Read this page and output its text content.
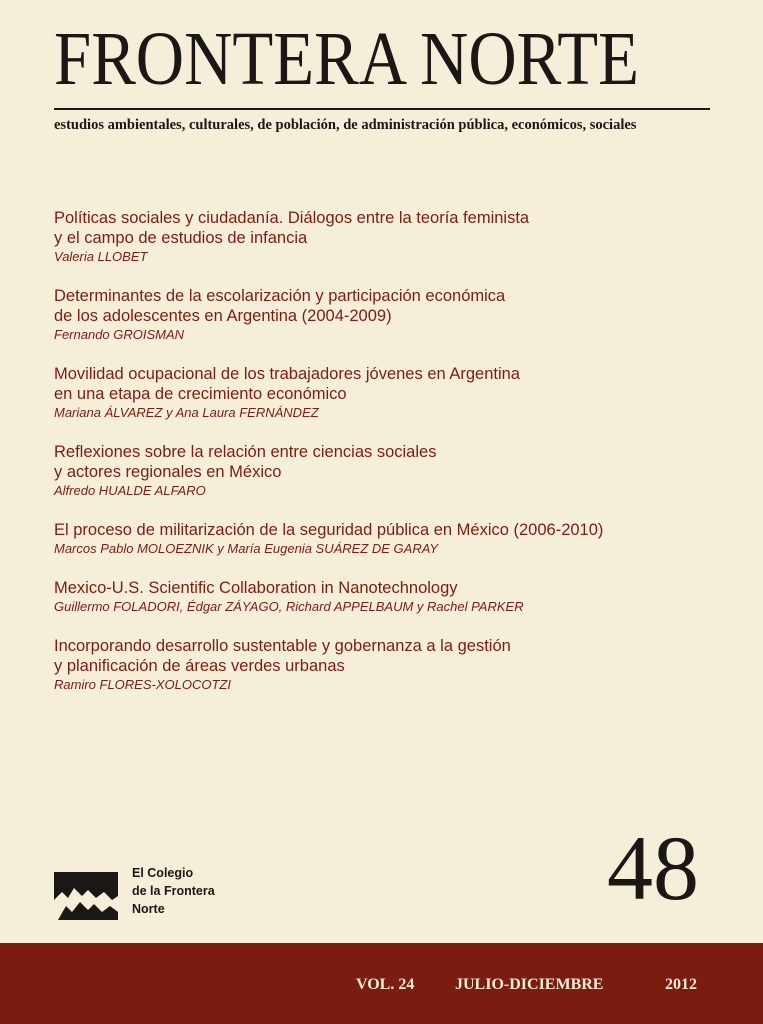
FRONTERA NORTE
estudios ambientales, culturales, de población, de administración pública, económicos, sociales

Políticas sociales y ciudadanía. Diálogos entre la teoría feminista
y el campo de estudios de infancia

Valeria LLOBET

Determinantes de la escolarización y participación económica
de los adolescentes en Argentina (2004-2009)

Fernando GROISMAN

Movilidad ocupacional de los trabajadores jóvenes en Argentina
en una etapa de crecimiento económico

Mariana ÁLVAREZ y Ana Laura FERNÁNDEZ

Reflexiones sobre la relación entre ciencias sociales
y actores regionales en México

Alfredo HUALDE ALFARO

El proceso de militarización de la seguridad pública en México (2006-2010)

Marcos Pablo MOLOEZNIK y María Eugenia SUÁREZ DE GARAY

Mexico-U.S. Scientific Collaboration in Nanotechnology

Guillermo FOLADORI, Édgar ZÁYAGO, Richard APPELBAUM y Rachel PARKER

Incorporando desarrollo sustentable y gobernanza a la gestión
y planificación de áreas verdes urbanas

Ramiro FLORES-XOLOCOTZI
El Colegio
de la Frontera
Norte	48
VOL. 24	JULIO-DICIEMBRE	2012
